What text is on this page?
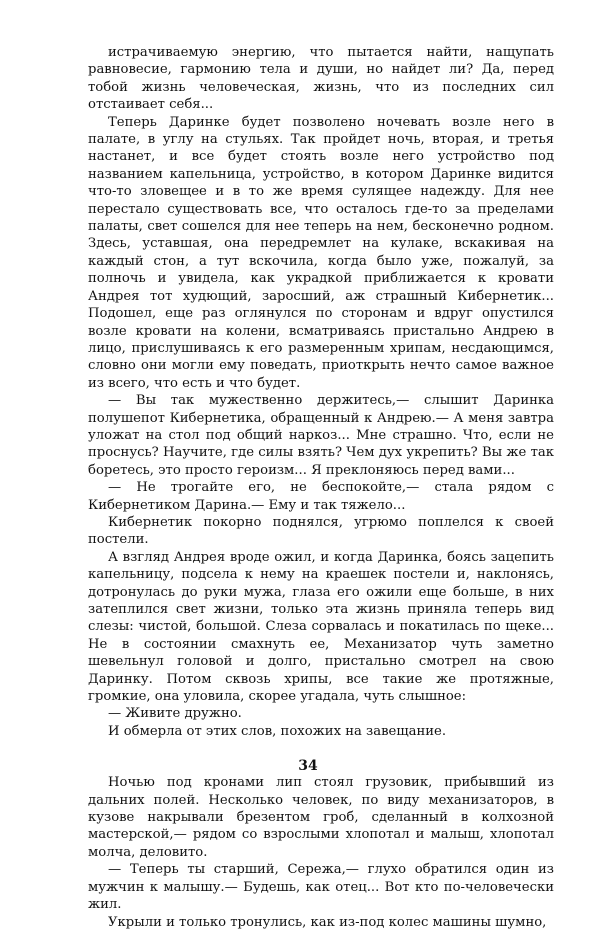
истрачиваемую энергию, что пытается найти, нащупать равновесие, гармонию тела и души, но найдет ли? Да, перед тобой жизнь человеческая, жизнь, что из последних сил отстаивает себя...

Теперь Даринке будет позволено ночевать возле него в палате, в углу на стульях. Так пройдет ночь, вторая, и третья настанет, и все будет стоять возле него устройство под названием капельница, устройство, в котором Даринке видится что-то зловещее и в то же время сулящее надежду. Для нее перестало существовать все, что осталось где-то за пределами палаты, свет сошелся для нее теперь на нем, бесконечно родном. Здесь, уставшая, она передремлет на кулаке, вскакивая на каждый стон, а тут вскочила, когда было уже, пожалуй, за полночь и увидела, как украдкой приближается к кровати Андрея тот худющий, заросший, аж страшный Кибернетик... Подошел, еще раз оглянулся по сторонам и вдруг опустился возле кровати на колени, всматриваясь пристально Андрею в лицо, прислушиваясь к его размеренным хрипам, несдающимся, словно они могли ему поведать, приоткрыть нечто самое важное из всего, что есть и что будет.

— Вы так мужественно держитесь,— слышит Даринка полушепот Кибернетика, обращенный к Андрею.— А меня завтра уложат на стол под общий наркоз... Мне страшно. Что, если не проснусь? Научите, где силы взять? Чем дух укрепить? Вы же так боретесь, это просто героизм... Я преклоняюсь перед вами...

— Не трогайте его, не беспокойте,— стала рядом с Кибернетиком Дарина.— Ему и так тяжело...

Кибернетик покорно поднялся, угрюмо поплелся к своей постели.

А взгляд Андрея вроде ожил, и когда Даринка, боясь зацепить капельницу, подсела к нему на краешек постели и, наклонясь, дотронулась до руки мужа, глаза его ожили еще больше, в них затеплился свет жизни, только эта жизнь приняла теперь вид слезы: чистой, большой. Слеза сорвалась и покатилась по щеке... Не в состоянии смахнуть ее, Механизатор чуть заметно шевельнул головой и долго, пристально смотрел на свою Даринку. Потом сквозь хрипы, все такие же протяжные, громкие, она уловила, скорее угадала, чуть слышное:

— Живите дружно.

И обмерла от этих слов, похожих на завещание.

Ночью под кронами лип стоял грузовик, прибывший из дальних полей. Несколько человек, по виду механизаторов, в кузове накрывали брезентом гроб, сделанный в колхозной мастерской,— рядом со взрослыми хлопотал и малыш, хлопотал молча, деловито.

— Теперь ты старший, Сережа,— глухо обратился один из мужчин к малышу.— Будешь, как отец... Вот кто по-человечески жил.

Укрыли и только тронулись, как из-под колес машины шумно,

34
